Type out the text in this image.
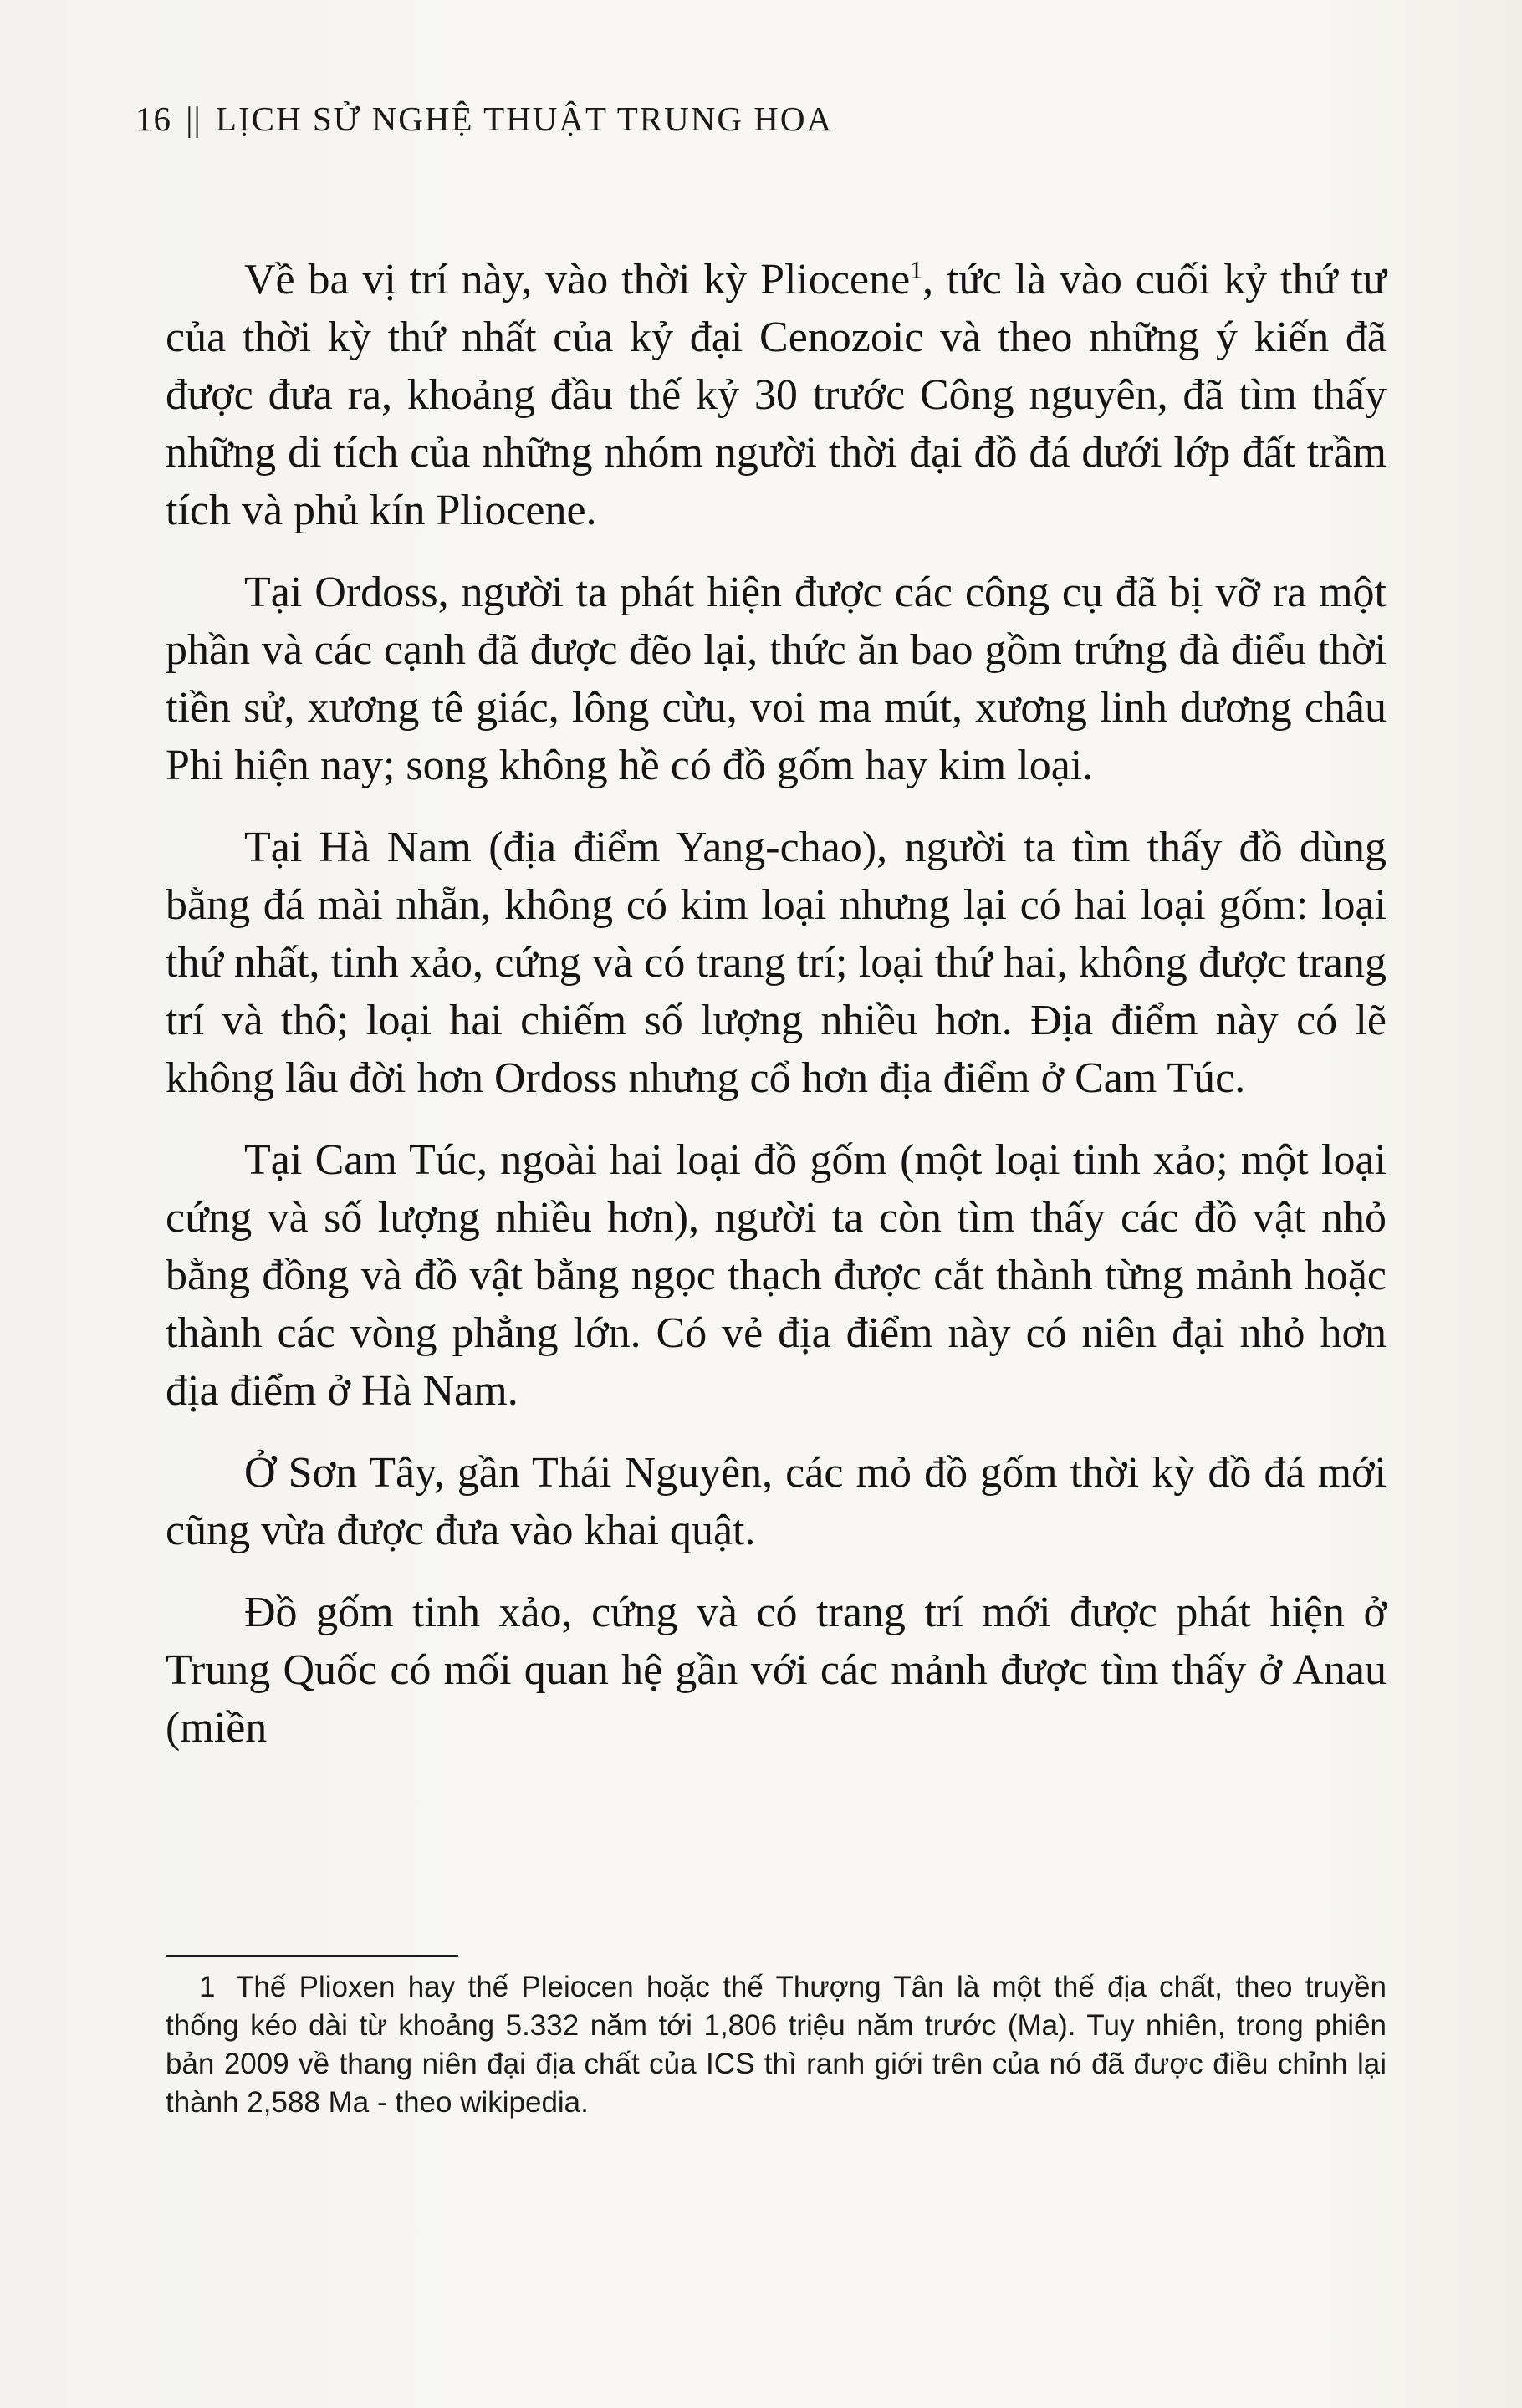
16 || LỊCH SỬ NGHỆ THUẬT TRUNG HOA

Về ba vị trí này, vào thời kỳ Pliocene$^1$, tức là vào cuối kỷ thứ tư của thời kỳ thứ nhất của kỷ đại Cenozoic và theo những ý kiến đã được đưa ra, khoảng đầu thế kỷ 30 trước Công nguyên, đã tìm thấy những di tích của những nhóm người thời đại đồ đá dưới lớp đất trầm tích và phủ kín Pliocene.

Tại Ordoss, người ta phát hiện được các công cụ đã bị vỡ ra một phần và các cạnh đã được đẽo lại, thức ăn bao gồm trứng đà điểu thời tiền sử, xương tê giác, lông cừu, voi ma mút, xương linh dương châu Phi hiện nay; song không hề có đồ gốm hay kim loại.

Tại Hà Nam (địa điểm Yang-chao), người ta tìm thấy đồ dùng bằng đá mài nhẵn, không có kim loại nhưng lại có hai loại gốm: loại thứ nhất, tinh xảo, cứng và có trang trí; loại thứ hai, không được trang trí và thô; loại hai chiếm số lượng nhiều hơn. Địa điểm này có lẽ không lâu đời hơn Ordoss nhưng cổ hơn địa điểm ở Cam Túc.

Tại Cam Túc, ngoài hai loại đồ gốm (một loại tinh xảo; một loại cứng và số lượng nhiều hơn), người ta còn tìm thấy các đồ vật nhỏ bằng đồng và đồ vật bằng ngọc thạch được cắt thành từng mảnh hoặc thành các vòng phẳng lớn. Có vẻ địa điểm này có niên đại nhỏ hơn địa điểm ở Hà Nam.

Ở Sơn Tây, gần Thái Nguyên, các mỏ đồ gốm thời kỳ đồ đá mới cũng vừa được đưa vào khai quật.

Đồ gốm tinh xảo, cứng và có trang trí mới được phát hiện ở Trung Quốc có mối quan hệ gần với các mảnh được tìm thấy ở Anau (miền

1 Thế Plioxen hay thế Pleiocen hoặc thế Thượng Tân là một thế địa chất, theo truyền thống kéo dài từ khoảng 5.332 năm tới 1,806 triệu năm trước (Ma). Tuy nhiên, trong phiên bản 2009 về thang niên đại địa chất của ICS thì ranh giới trên của nó đã được điều chỉnh lại thành 2,588 Ma - theo wikipedia.
